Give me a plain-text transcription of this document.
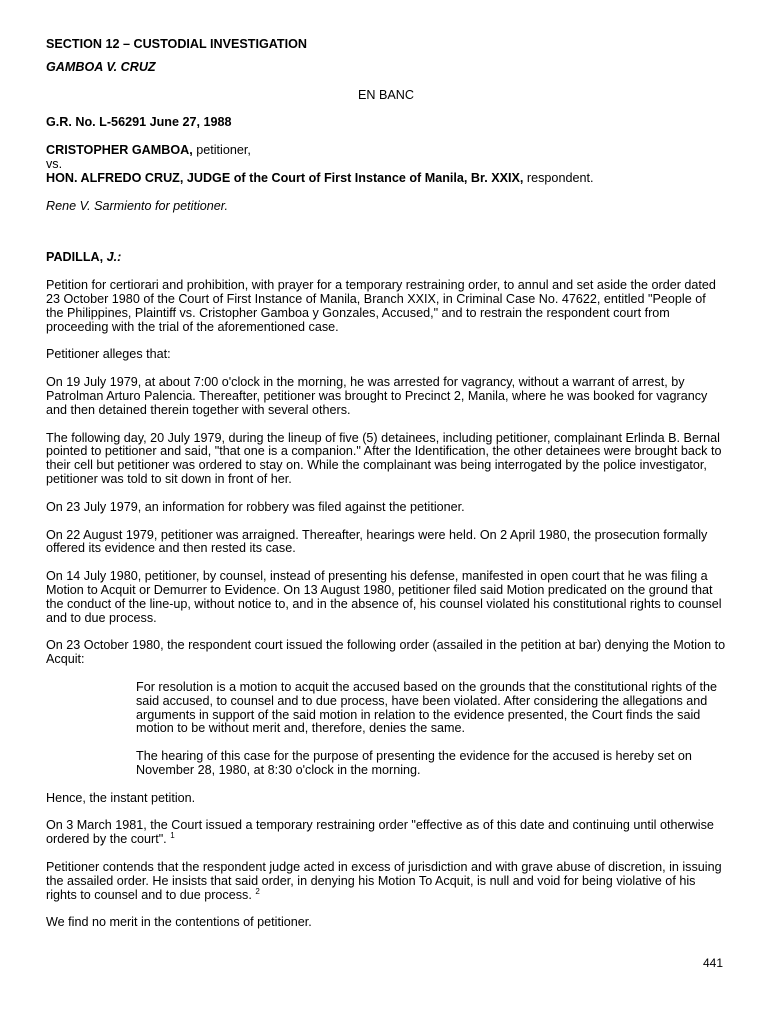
SECTION 12 – CUSTODIAL INVESTIGATION

GAMBOA V. CRUZ

EN BANC

G.R. No. L-56291 June 27, 1988

CRISTOPHER GAMBOA, petitioner,

vs.

HON. ALFREDO CRUZ, JUDGE of the Court of First Instance of Manila, Br. XXIX, respondent.

Rene V. Sarmiento for petitioner.

PADILLA, J.:

Petition for certiorari and prohibition, with prayer for a temporary restraining order, to annul and set aside the order dated 23 October 1980 of the Court of First Instance of Manila, Branch XXIX, in Criminal Case No. 47622, entitled "People of the Philippines, Plaintiff vs. Cristopher Gamboa y Gonzales, Accused," and to restrain the respondent court from proceeding with the trial of the aforementioned case.

Petitioner alleges that:

On 19 July 1979, at about 7:00 o'clock in the morning, he was arrested for vagrancy, without a warrant of arrest, by Patrolman Arturo Palencia. Thereafter, petitioner was brought to Precinct 2, Manila, where he was booked for vagrancy and then detained therein together with several others.

The following day, 20 July 1979, during the lineup of five (5) detainees, including petitioner, complainant Erlinda B. Bernal pointed to petitioner and said, "that one is a companion." After the Identification, the other detainees were brought back to their cell but petitioner was ordered to stay on. While the complainant was being interrogated by the police investigator, petitioner was told to sit down in front of her.

On 23 July 1979, an information for robbery was filed against the petitioner.

On 22 August 1979, petitioner was arraigned. Thereafter, hearings were held. On 2 April 1980, the prosecution formally offered its evidence and then rested its case.

On 14 July 1980, petitioner, by counsel, instead of presenting his defense, manifested in open court that he was filing a Motion to Acquit or Demurrer to Evidence. On 13 August 1980, petitioner filed said Motion predicated on the ground that the conduct of the line-up, without notice to, and in the absence of, his counsel violated his constitutional rights to counsel and to due process.

On 23 October 1980, the respondent court issued the following order (assailed in the petition at bar) denying the Motion to Acquit:

For resolution is a motion to acquit the accused based on the grounds that the constitutional rights of the said accused, to counsel and to due process, have been violated. After considering the allegations and arguments in support of the said motion in relation to the evidence presented, the Court finds the said motion to be without merit and, therefore, denies the same.

The hearing of this case for the purpose of presenting the evidence for the accused is hereby set on November 28, 1980, at 8:30 o'clock in the morning.

Hence, the instant petition.

On 3 March 1981, the Court issued a temporary restraining order "effective as of this date and continuing until otherwise ordered by the court". $^1$

Petitioner contends that the respondent judge acted in excess of jurisdiction and with grave abuse of discretion, in issuing the assailed order. He insists that said order, in denying his Motion To Acquit, is null and void for being violative of his rights to counsel and to due process. $^2$

We find no merit in the contentions of petitioner.

441
